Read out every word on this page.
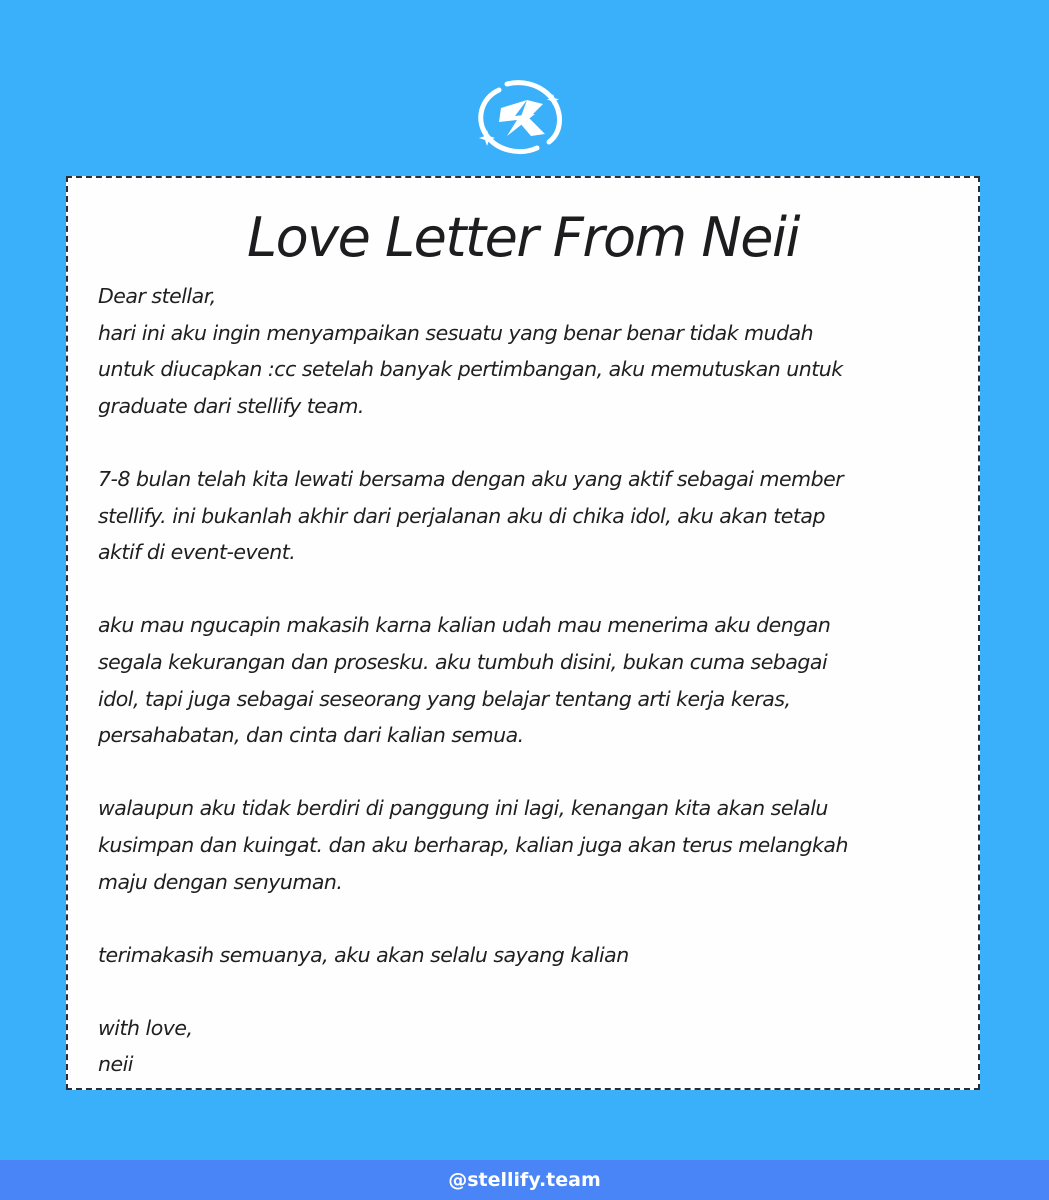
Love Letter From Neii

Dear stellar,
hari ini aku ingin menyampaikan sesuatu yang benar benar tidak mudah
untuk diucapkan :cc setelah banyak pertimbangan, aku memutuskan untuk
graduate dari stellify team.

7-8 bulan telah kita lewati bersama dengan aku yang aktif sebagai member
stellify. ini bukanlah akhir dari perjalanan aku di chika idol, aku akan tetap
aktif di event-event.

aku mau ngucapin makasih karna kalian udah mau menerima aku dengan
segala kekurangan dan prosesku. aku tumbuh disini, bukan cuma sebagai
idol, tapi juga sebagai seseorang yang belajar tentang arti kerja keras,
persahabatan, dan cinta dari kalian semua.

walaupun aku tidak berdiri di panggung ini lagi, kenangan kita akan selalu
kusimpan dan kuingat. dan aku berharap, kalian juga akan terus melangkah
maju dengan senyuman.

terimakasih semuanya, aku akan selalu sayang kalian

with love,
neii

@stellify.team
